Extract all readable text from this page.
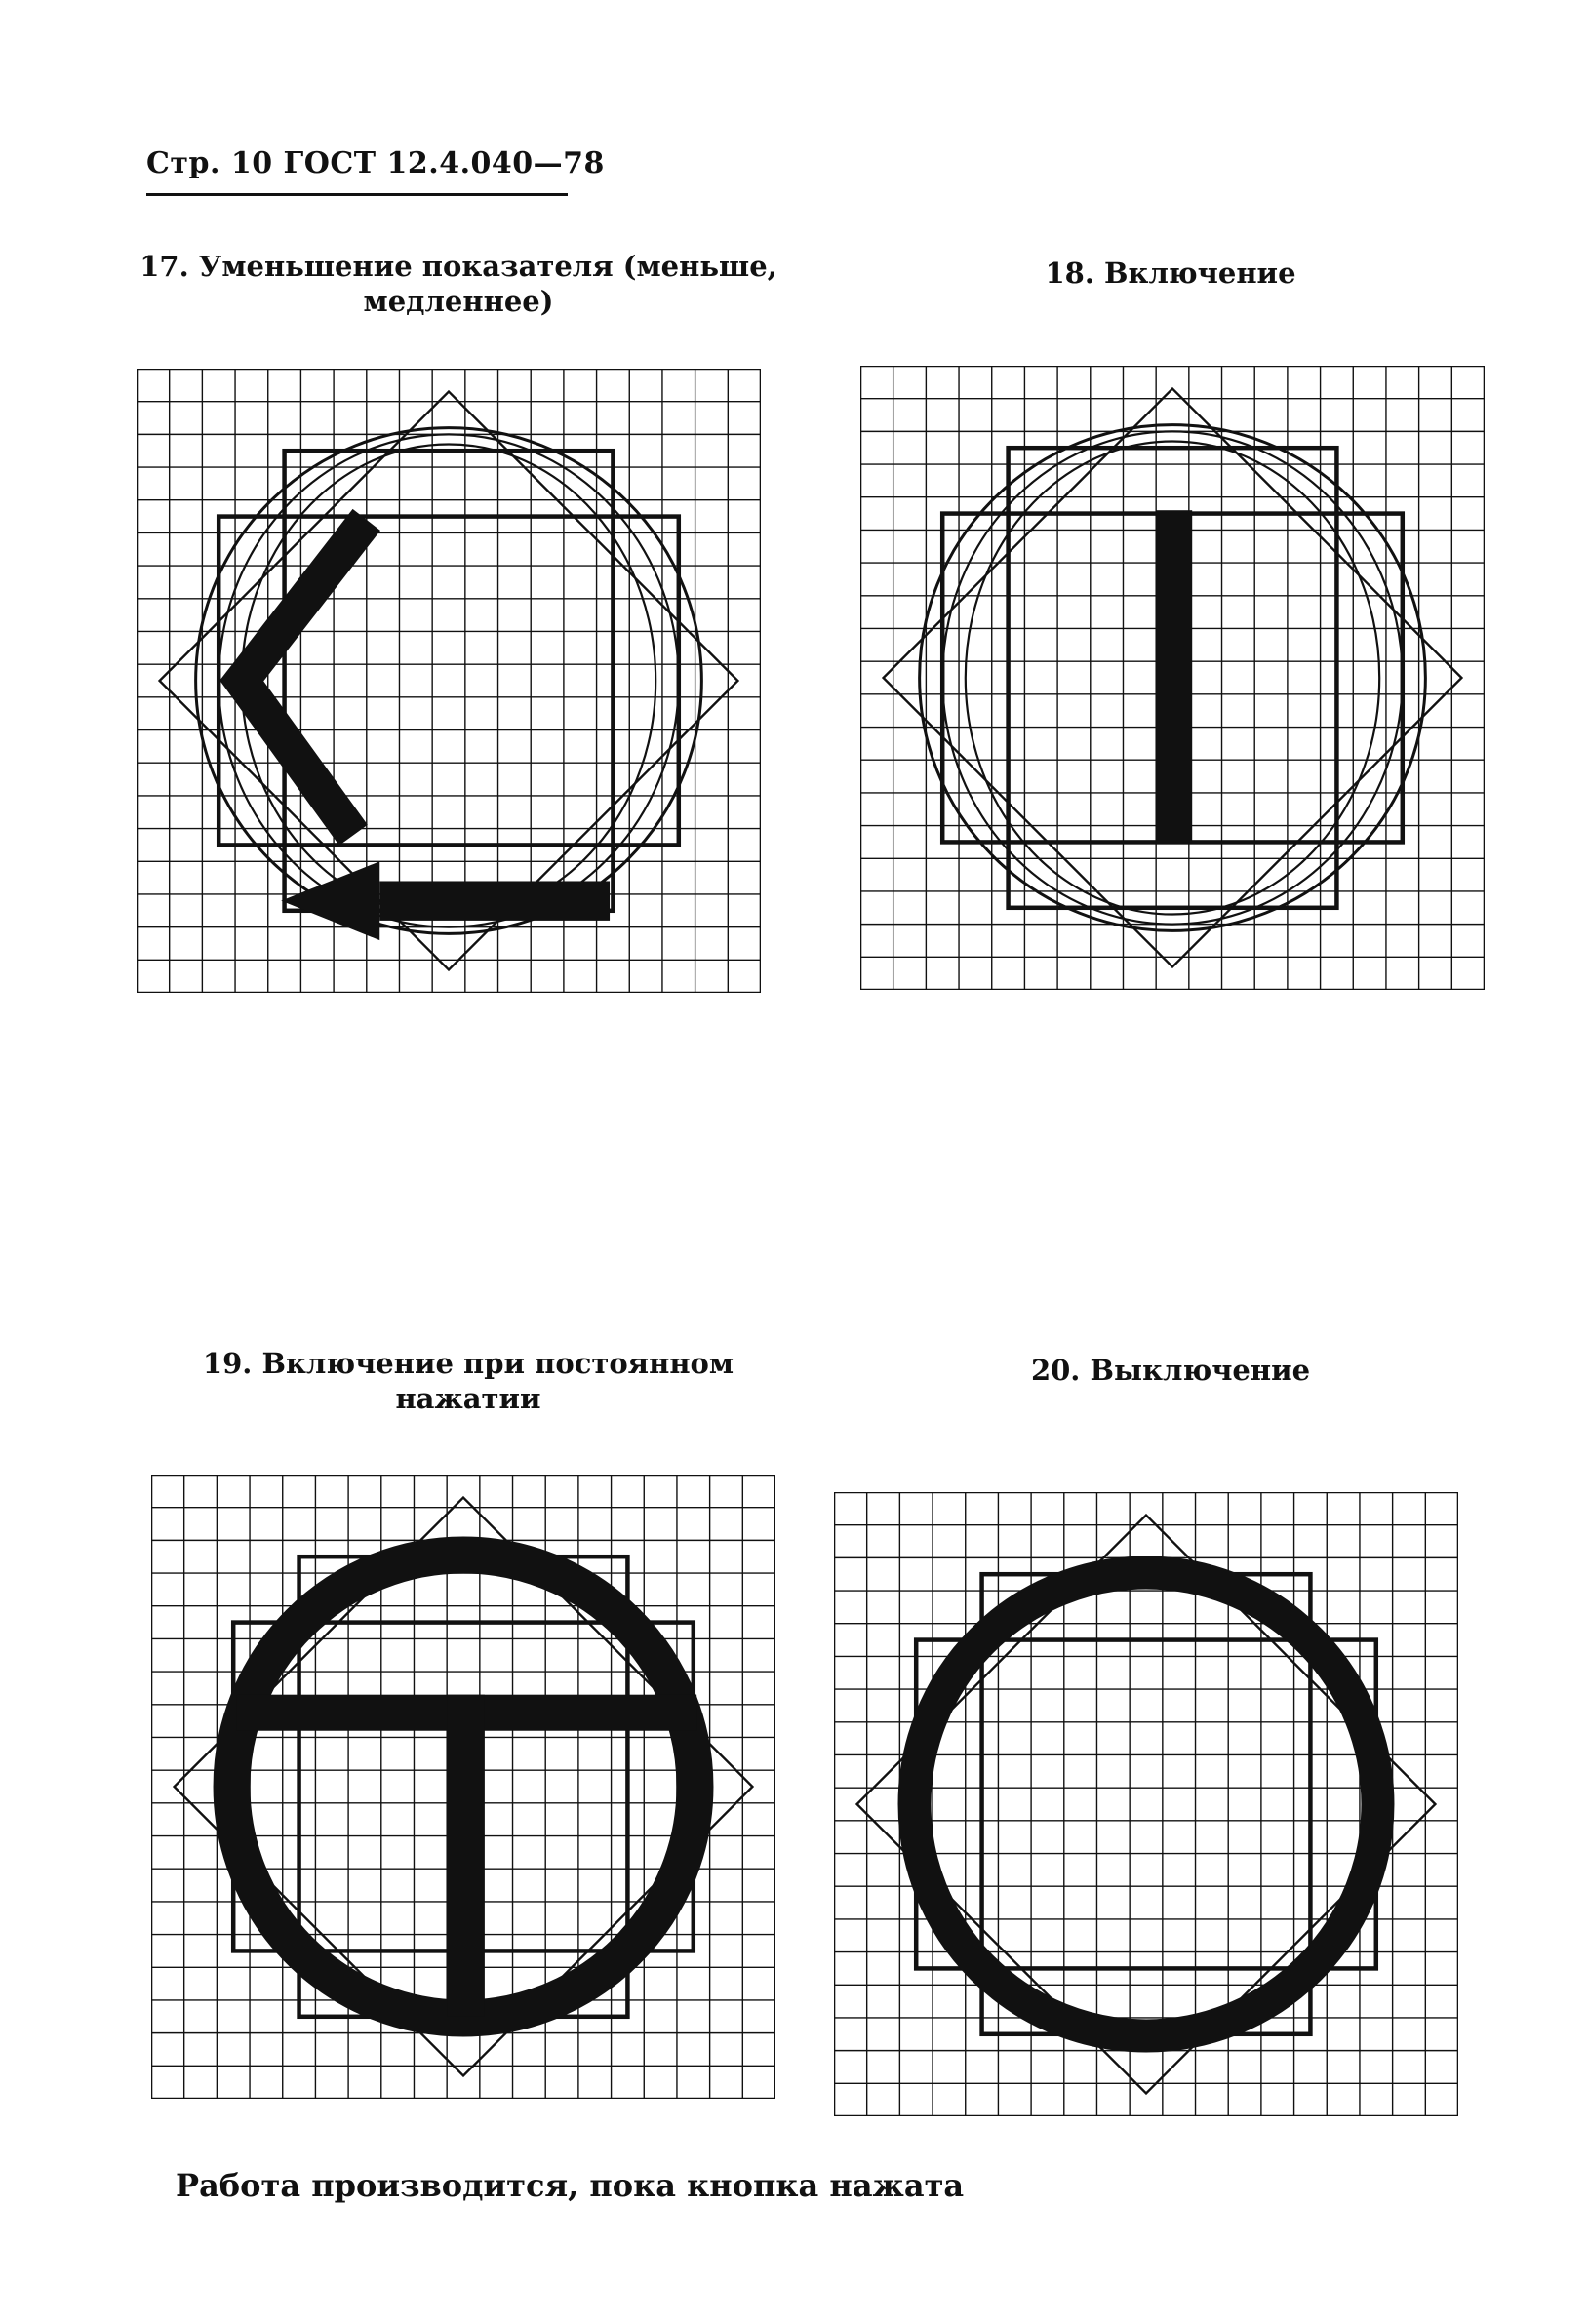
Стр. 10 ГОСТ 12.4.040—78
17. Уменьшение показателя (меньше,
медленнее)
18. Включение
19. Включение при постоянном
нажатии
20. Выключение
Работа производится, пока кнопка нажата
